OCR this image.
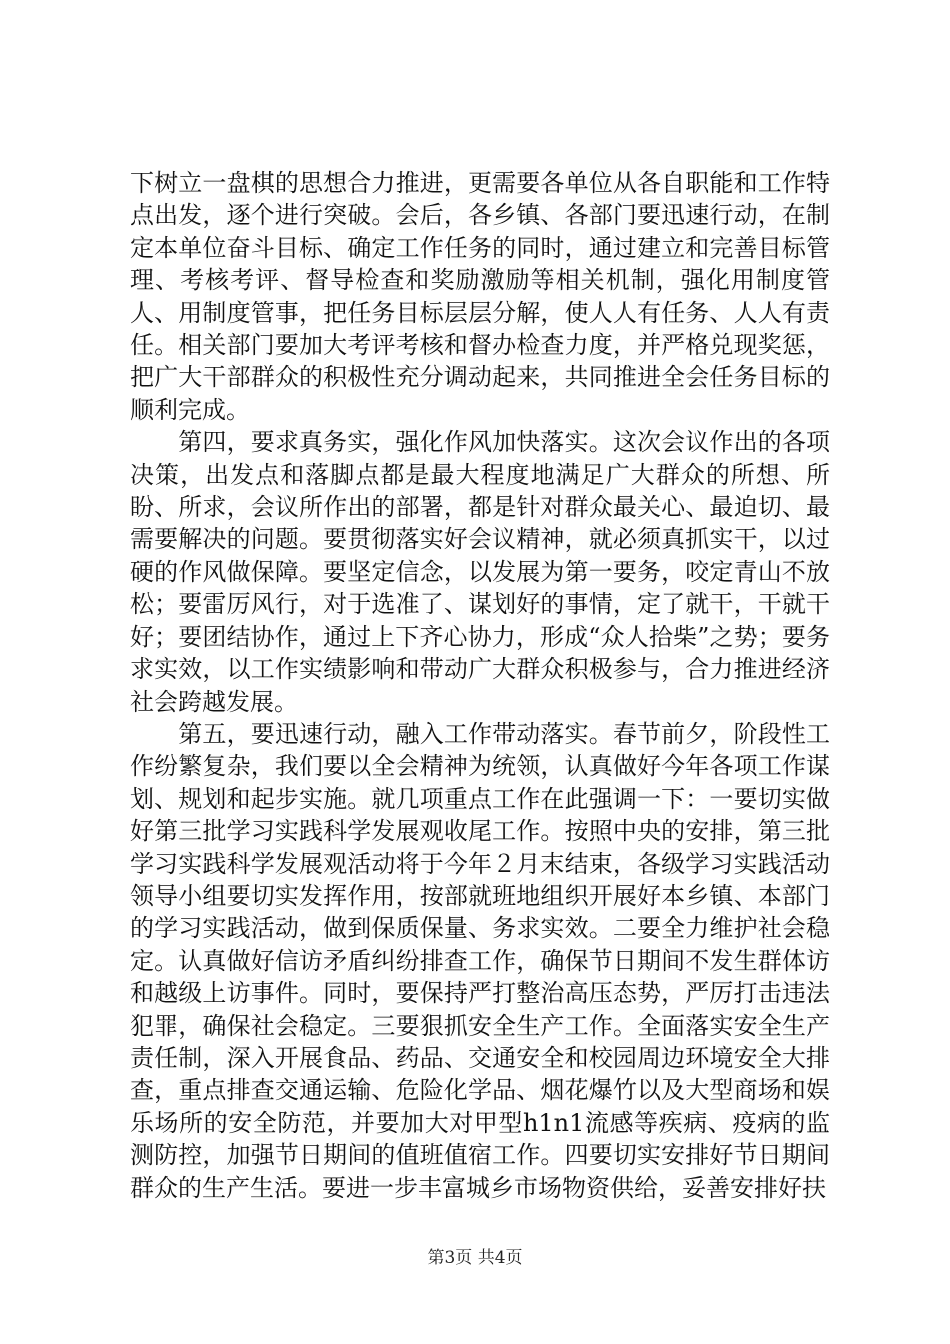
下树立一盘棋的思想合力推进，更需要各单位从各自职能和工作特点出发，逐个进行突破。会后，各乡镇、各部门要迅速行动，在制定本单位奋斗目标、确定工作任务的同时，通过建立和完善目标管理、考核考评、督导检查和奖励激励等相关机制，强化用制度管人、用制度管事，把任务目标层层分解，使人人有任务、人人有责任。相关部门要加大考评考核和督办检查力度，并严格兑现奖惩，把广大干部群众的积极性充分调动起来，共同推进全会任务目标的顺利完成。

　　第四，要求真务实，强化作风加快落实。这次会议作出的各项决策，出发点和落脚点都是最大程度地满足广大群众的所想、所盼、所求，会议所作出的部署，都是针对群众最关心、最迫切、最需要解决的问题。要贯彻落实好会议精神，就必须真抓实干，以过硬的作风做保障。要坚定信念，以发展为第一要务，咬定青山不放松；要雷厉风行，对于选准了、谋划好的事情，定了就干，干就干好；要团结协作，通过上下齐心协力，形成“众人拾柴”之势；要务求实效，以工作实绩影响和带动广大群众积极参与，合力推进经济社会跨越发展。

　　第五，要迅速行动，融入工作带动落实。春节前夕，阶段性工作纷繁复杂，我们要以全会精神为统领，认真做好今年各项工作谋划、规划和起步实施。就几项重点工作在此强调一下：一要切实做好第三批学习实践科学发展观收尾工作。按照中央的安排，第三批学习实践科学发展观活动将于今年２月末结束，各级学习实践活动领导小组要切实发挥作用，按部就班地组织开展好本乡镇、本部门的学习实践活动，做到保质保量、务求实效。二要全力维护社会稳定。认真做好信访矛盾纠纷排查工作，确保节日期间不发生群体访和越级上访事件。同时，要保持严打整治高压态势，严厉打击违法犯罪，确保社会稳定。三要狠抓安全生产工作。全面落实安全生产责任制，深入开展食品、药品、交通安全和校园周边环境安全大排查，重点排查交通运输、危险化学品、烟花爆竹以及大型商场和娱乐场所的安全防范，并要加大对甲型h1n1流感等疾病、疫病的监测防控，加强节日期间的值班值宿工作。四要切实安排好节日期间群众的生产生活。要进一步丰富城乡市场物资供给，妥善安排好扶

第3页 共4页
